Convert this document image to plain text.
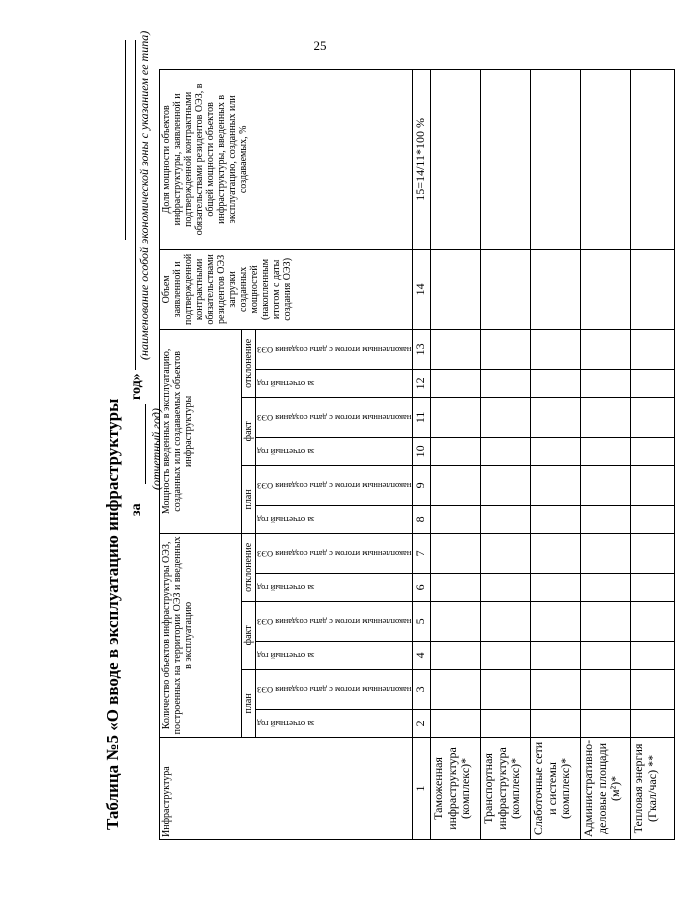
25
Таблица №5 «О вводе в эксплуатацию инфраструктуры за
год»
(отчетный год)
(наименование особой экономической зоны с указанием ее типа)
Инфраструктура	Количество объектов инфраструктуры ОЭЗ, построенных на территории ОЭЗ и введенных в эксплуатацию						Мощность введенных в эксплуатацию, созданных или создаваемых объектов инфраструктуры						Объем заявленной и подтвержденной контрактными обязательствами резидентов ОЭЗ загрузки созданных мощностей (накопленным итогом с даты создания ОЭЗ)	Доля мощности объектов инфраструктуры, заявленной и подтвержденной контрактными обязательствами резидентов ОЭЗ, в общей мощности объектов инфраструктуры, введенных в эксплуатацию, созданных или создаваемых, %
	план		факт		отклонение		план		факт		отклонение			

	за отчетный год	накопленным итогом с даты создания ОЭЗ	за отчетный год	накопленным итогом с даты создания ОЭЗ	за отчетный год	накопленным итогом с даты создания ОЭЗ	за отчетный год	накопленным итогом с даты создания ОЭЗ	за отчетный год	накопленным итогом с даты создания ОЭЗ	за отчетный год	накопленным итогом с даты создания ОЭЗ		

1	2	3	4	5	6	7	8	9	10	11	12	13	14	15=14/11*100 %
Таможенная инфраструктура (комплекс)*														
Транспортная инфраструктура (комплекс)*														
Слаботочные сети и системы (комплекс)*														
Административно-деловые площади (м²)*														
Тепловая энергия (Гкал/час) **														
